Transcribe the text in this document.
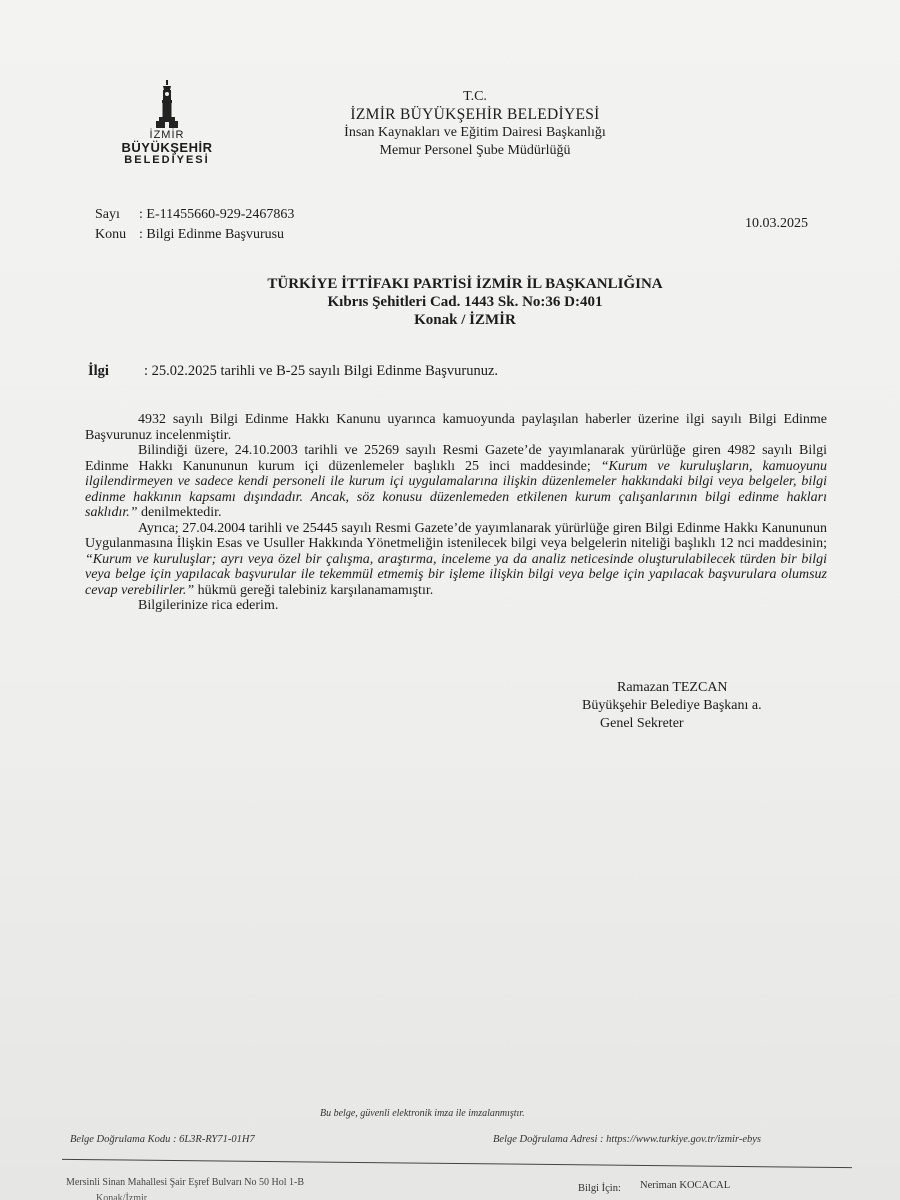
İZMİR
BÜYÜKŞEHİR
BELEDİYESİ
T.C.
İZMİR BÜYÜKŞEHİR BELEDİYESİ
İnsan Kaynakları ve Eğitim Dairesi Başkanlığı
Memur Personel Şube Müdürlüğü
Sayı : E-11455660-929-2467863
Konu : Bilgi Edinme Başvurusu
10.03.2025
TÜRKİYE İTTİFAKI PARTİSİ İZMİR İL BAŞKANLIĞINA
Kıbrıs Şehitleri Cad. 1443 Sk. No:36 D:401
Konak / İZMİR
İlgi : 25.02.2025 tarihli ve B-25 sayılı Bilgi Edinme Başvurunuz.

4932 sayılı Bilgi Edinme Hakkı Kanunu uyarınca kamuoyunda paylaşılan haberler üzerine ilgi sayılı Bilgi Edinme Başvurunuz incelenmiştir.

Bilindiği üzere, 24.10.2003 tarihli ve 25269 sayılı Resmi Gazete’de yayımlanarak yürürlüğe giren 4982 sayılı Bilgi Edinme Hakkı Kanununun kurum içi düzenlemeler başlıklı 25 inci maddesinde; “Kurum ve kuruluşların, kamuoyunu ilgilendirmeyen ve sadece kendi personeli ile kurum içi uygulamalarına ilişkin düzenlemeler hakkındaki bilgi veya belgeler, bilgi edinme hakkının kapsamı dışındadır. Ancak, söz konusu düzenlemeden etkilenen kurum çalışanlarının bilgi edinme hakları saklıdır.” denilmektedir.

Ayrıca; 27.04.2004 tarihli ve 25445 sayılı Resmi Gazete’de yayımlanarak yürürlüğe giren Bilgi Edinme Hakkı Kanununun Uygulanmasına İlişkin Esas ve Usuller Hakkında Yönetmeliğin istenilecek bilgi veya belgelerin niteliği başlıklı 12 nci maddesinin; “Kurum ve kuruluşlar; ayrı veya özel bir çalışma, araştırma, inceleme ya da analiz neticesinde oluşturulabilecek türden bir bilgi veya belge için yapılacak başvurular ile tekemmül etmemiş bir işleme ilişkin bilgi veya belge için yapılacak başvurulara olumsuz cevap verebilirler.” hükmü gereği talebiniz karşılanamamıştır.

Bilgilerinize rica ederim.

Ramazan TEZCAN
Büyükşehir Belediye Başkanı a.
Genel Sekreter
Bu belge, güvenli elektronik imza ile imzalanmıştır.
Belge Doğrulama Kodu : 6L3R-RY71-01H7	Belge Doğrulama Adresi : https://www.turkiye.gov.tr/izmir-ebys
Mersinli Sinan Mahallesi Şair Eşref Bulvarı No 50 Hol 1-B
Konak/İzmir
Bilgi İçin: Neriman KOCACAL
